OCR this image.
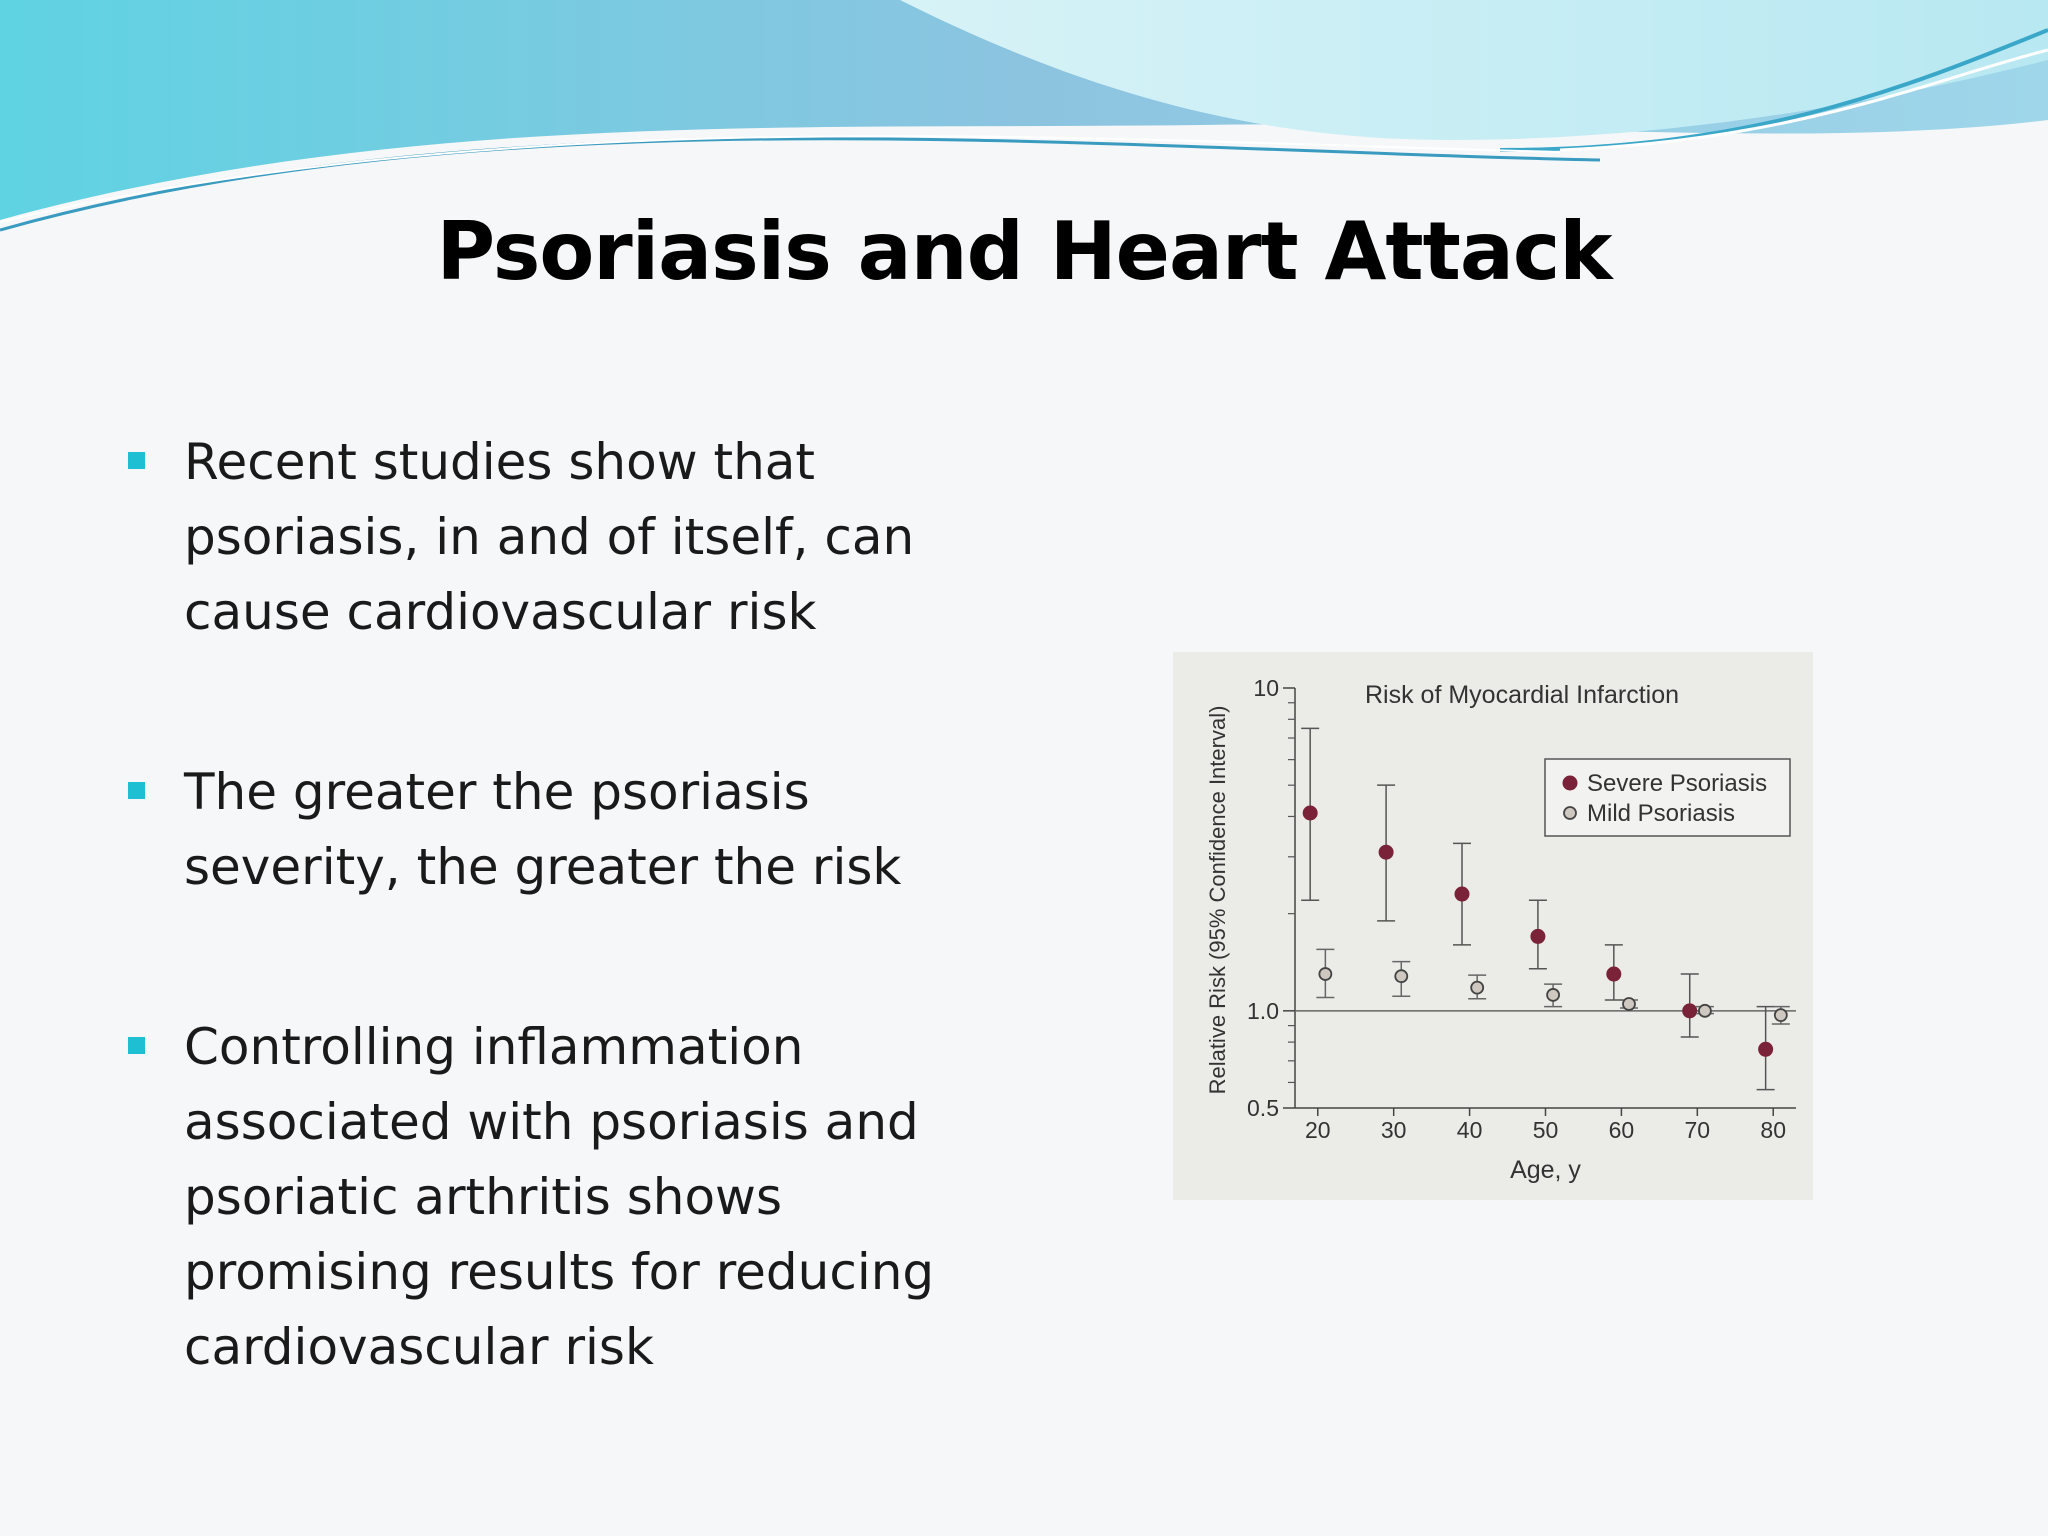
Psoriasis and Heart Attack
Recent studies show that psoriasis, in and of itself, can cause cardiovascular risk
The greater the psoriasis severity, the greater the risk
Controlling inflammation associated with psoriasis and psoriatic arthritis shows promising results for reducing cardiovascular risk
0.5
1.0
10
20 30 40 50 60 70 80
Age, y
Relative Risk (95% Confidence Interval)
Risk of Myocardial Infarction
Severe Psoriasis
Mild Psoriasis
